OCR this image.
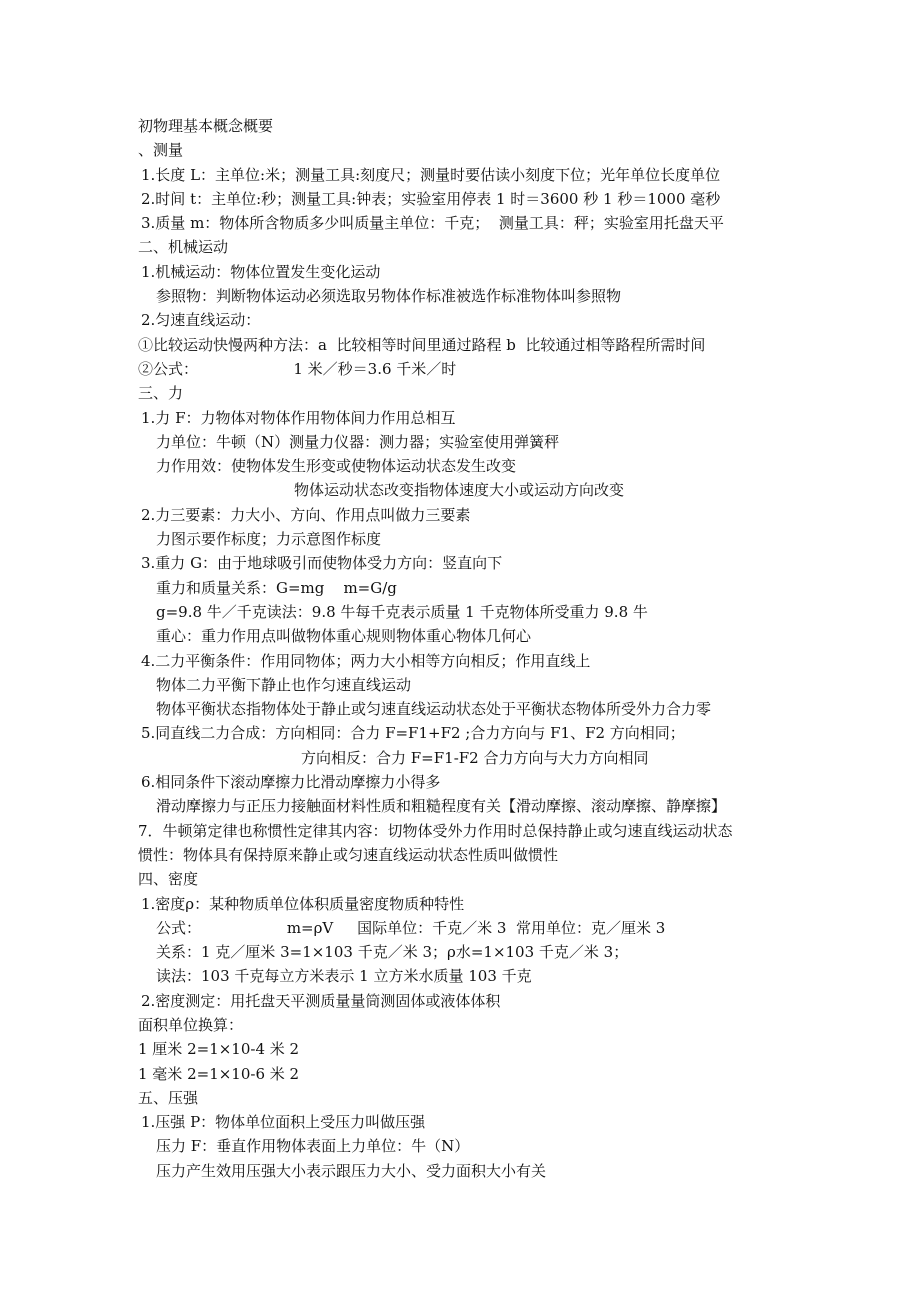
初物理基本概念概要
、测量
1.长度 L：主单位:米；测量工具:刻度尺；测量时要估读小刻度下位；光年单位长度单位
2.时间 t：主单位:秒；测量工具:钟表；实验室用停表 1 时＝3600 秒 1 秒＝1000 毫秒
3.质量 m：物体所含物质多少叫质量主单位：千克；  测量工具：秤；实验室用托盘天平
二、机械运动
1.机械运动：物体位置发生变化运动
参照物：判断物体运动必须选取另物体作标准被选作标准物体叫参照物
2.匀速直线运动：
①比较运动快慢两种方法：a  比较相等时间里通过路程 b  比较通过相等路程所需时间
②公式：                    1 米／秒＝3.6 千米／时
三、力
1.力 F：力物体对物体作用物体间力作用总相互
力单位：牛顿（N）测量力仪器：测力器；实验室使用弹簧秤
力作用效：使物体发生形变或使物体运动状态发生改变
物体运动状态改变指物体速度大小或运动方向改变
2.力三要素：力大小、方向、作用点叫做力三要素
力图示要作标度；力示意图作标度
3.重力 G：由于地球吸引而使物体受力方向：竖直向下
重力和质量关系：G=mg    m=G/g
g=9.8 牛／千克读法：9.8 牛每千克表示质量 1 千克物体所受重力 9.8 牛
重心：重力作用点叫做物体重心规则物体重心物体几何心
4.二力平衡条件：作用同物体；两力大小相等方向相反；作用直线上
物体二力平衡下静止也作匀速直线运动
物体平衡状态指物体处于静止或匀速直线运动状态处于平衡状态物体所受外力合力零
5.同直线二力合成：方向相同：合力 F=F1+F2 ;合力方向与 F1、F2 方向相同；
方向相反：合力 F=F1-F2 合力方向与大力方向相同
6.相同条件下滚动摩擦力比滑动摩擦力小得多
滑动摩擦力与正压力接触面材料性质和粗糙程度有关【滑动摩擦、滚动摩擦、静摩擦】
7．牛顿第定律也称惯性定律其内容：切物体受外力作用时总保持静止或匀速直线运动状态
惯性：物体具有保持原来静止或匀速直线运动状态性质叫做惯性
四、密度
1.密度ρ：某种物质单位体积质量密度物质种特性
公式：                  m=ρV     国际单位：千克／米 3  常用单位：克／厘米 3
关系：1 克／厘米 3=1×103 千克／米 3；ρ水=1×103 千克／米 3；
读法：103 千克每立方米表示 1 立方米水质量 103 千克
2.密度测定：用托盘天平测质量量筒测固体或液体体积
面积单位换算：
1 厘米 2=1×10-4 米 2
1 毫米 2=1×10-6 米 2
五、压强
1.压强 P：物体单位面积上受压力叫做压强
压力 F：垂直作用物体表面上力单位：牛（N）
压力产生效用压强大小表示跟压力大小、受力面积大小有关
